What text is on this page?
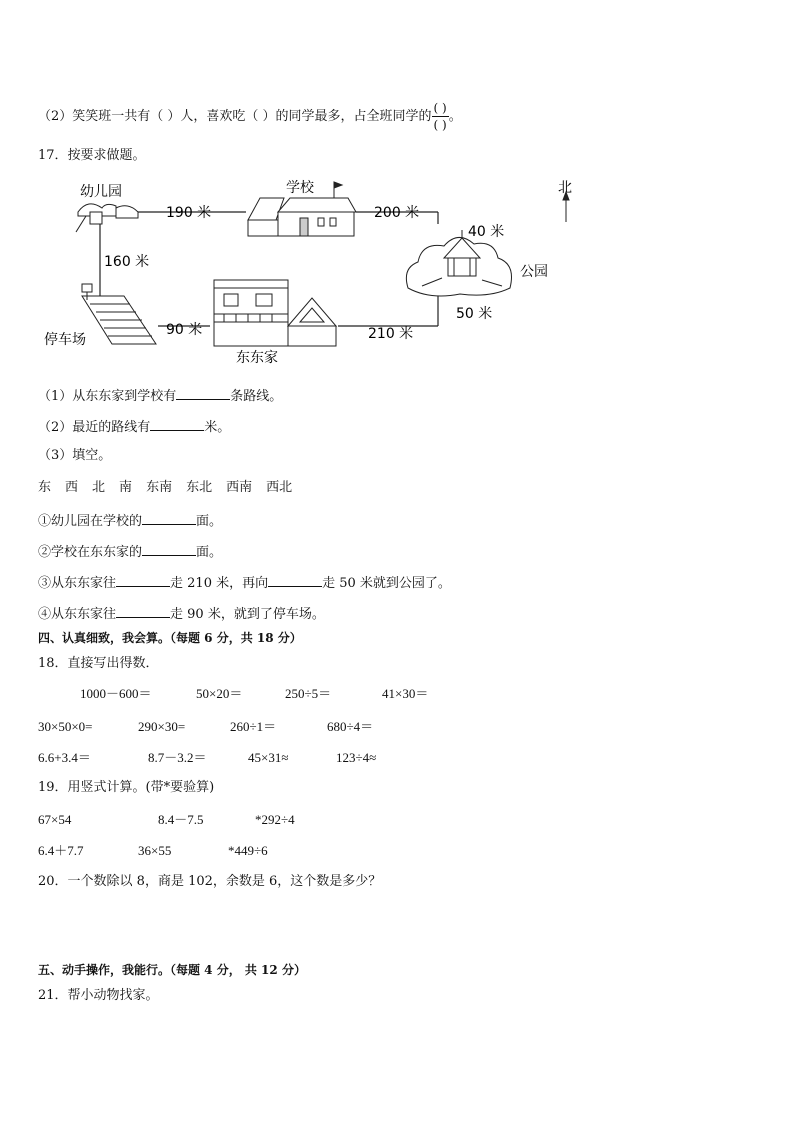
（2）笑笑班一共有（ ）人，喜欢吃（ ）的同学最多，占全班同学的 $\frac{( )}{( )}$ 。
17．按要求做题。
幼儿园	学校	北
公园
停车场
东东家
190 米	200 米
40 米
160 米
50 米
90 米	210 米
（1）从东东家到学校有	条路线。
（2）最近的路线有	米。
（3）填空。
东 西 北 南 东南 东北 西南 西北
①幼儿园在学校的	面。
②学校在东东家的	面。
③从东东家往	走 210 米，再向	走 50 米就到公园了。
④从东东家往	走 90 米，就到了停车场。
四、认真细致，我会算。（每题 6 分，共 18 分）
18．直接写出得数．
1000－600＝	50×20＝	250÷5＝	41×30＝
30×50×0=	290×30=	260÷1＝	680÷4＝
6.6+3.4＝	8.7－3.2＝	45×31≈	123÷4≈
19．用竖式计算。(带*要验算)
67×54	8.4－7.5	*292÷4
6.4＋7.7	36×55	*449÷6
20．一个数除以 8，商是 102，余数是 6，这个数是多少？
五、动手操作，我能行。（每题 4 分， 共 12 分）
21．帮小动物找家。
